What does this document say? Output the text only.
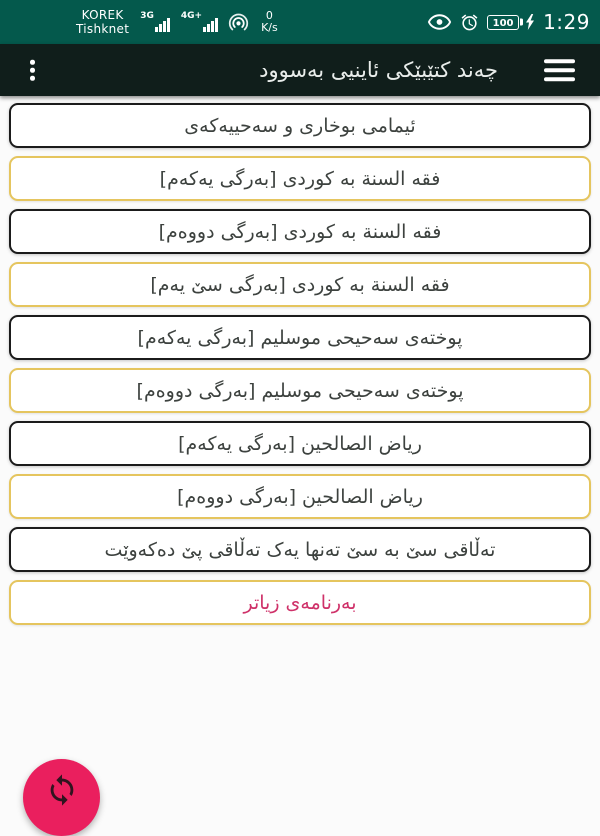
KOREK
Tishknet
3G	4G+	0
K/s	100 1:29
چەند کتێبێکی ئاینیی بەسوود
ئیمامی بوخاری و سەحییەکەی
فقه السنة به کوردی [بەرگی یەکەم]
فقه السنة به کوردی [بەرگی دووەم]
فقه السنة به کوردی [بەرگی سێ یەم]
پوختەی سەحیحی موسلیم [بەرگی یەکەم]
پوختەی سەحیحی موسلیم [بەرگی دووەم]
ریاض الصالحین [بەرگی یەکەم]
ریاض الصالحین [بەرگی دووەم]
تەڵاقی سێ بە سێ تەنها یەک تەڵاقی پێ دەکەوێت
بەرنامەی زیاتر
